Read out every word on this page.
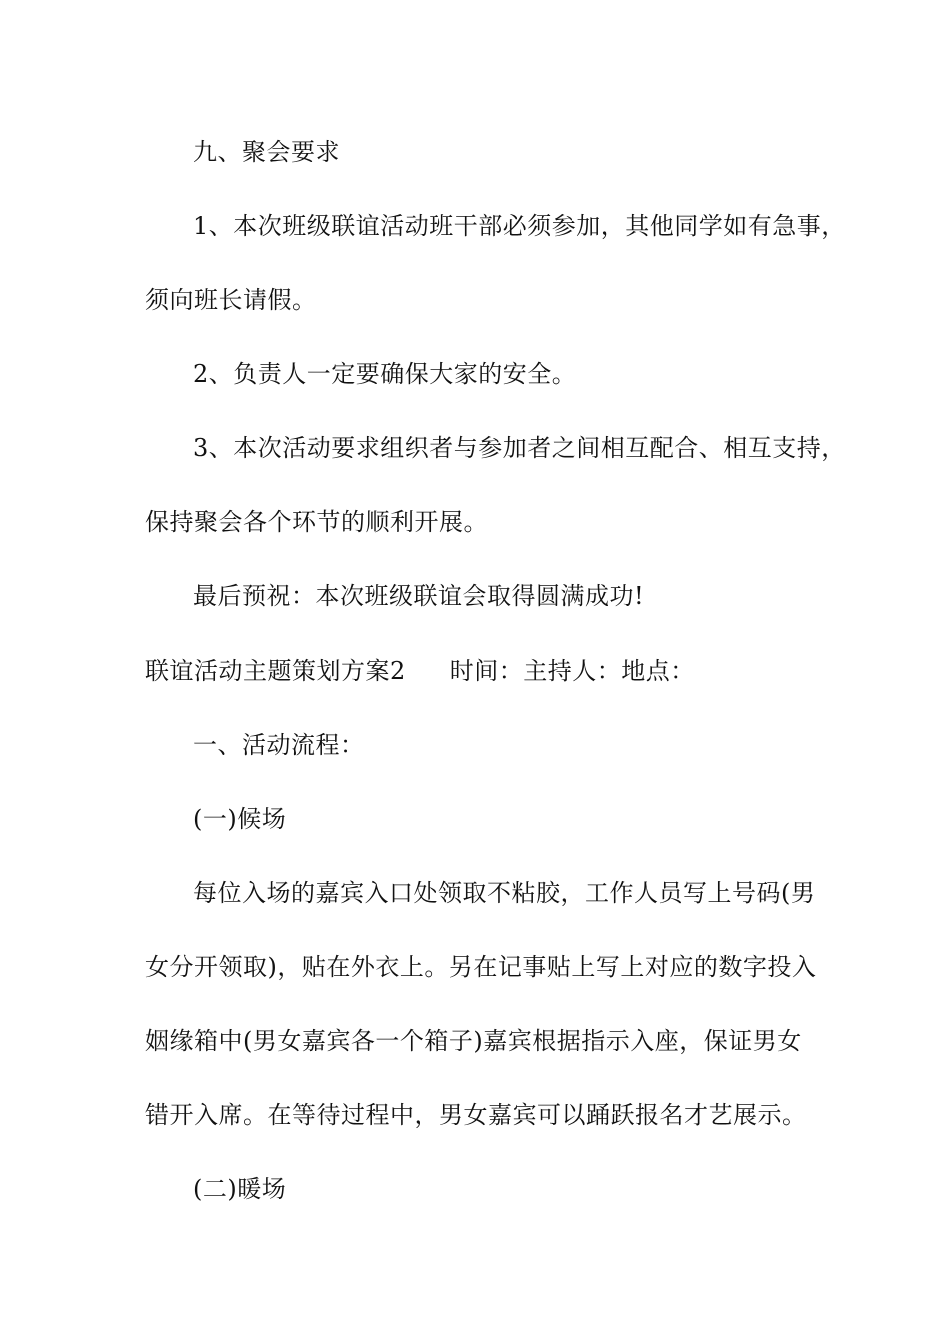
九、聚会要求
1、本次班级联谊活动班干部必须参加，其他同学如有急事，
须向班长请假。
2、负责人一定要确保大家的安全。
3、本次活动要求组织者与参加者之间相互配合、相互支持，
保持聚会各个环节的顺利开展。
最后预祝：本次班级联谊会取得圆满成功!
联谊活动主题策划方案2 时间：主持人：地点：
一、活动流程：
(一)候场
每位入场的嘉宾入口处领取不粘胶，工作人员写上号码(男
女分开领取)，贴在外衣上。另在记事贴上写上对应的数字投入
姻缘箱中(男女嘉宾各一个箱子)嘉宾根据指示入座，保证男女
错开入席。在等待过程中，男女嘉宾可以踊跃报名才艺展示。
(二)暖场
